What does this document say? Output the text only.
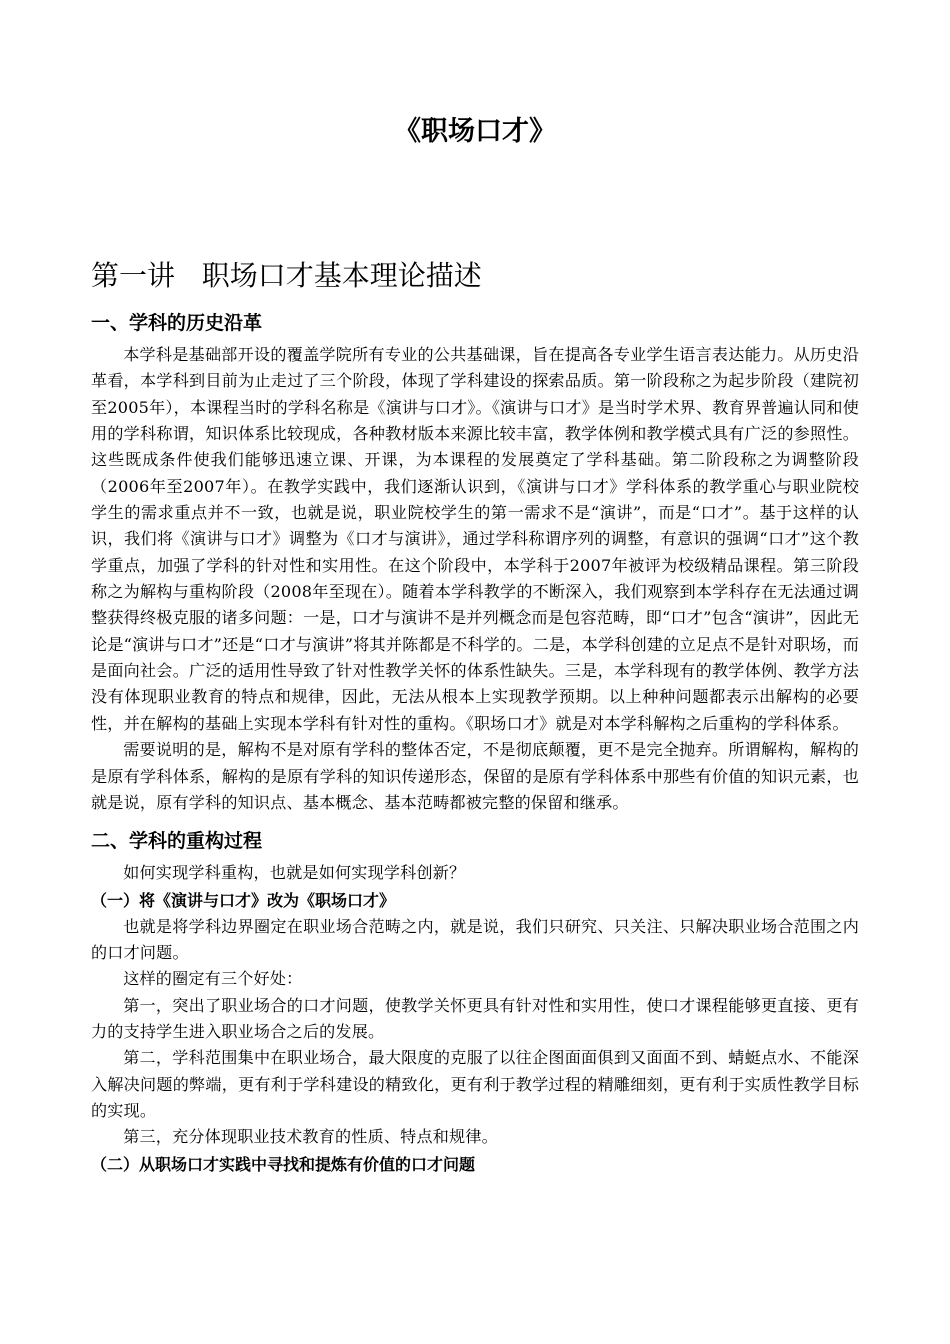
《职场口才》
第一讲   职场口才基本理论描述
一、学科的历史沿革

本学科是基础部开设的覆盖学院所有专业的公共基础课，旨在提高各专业学生语言表达能力。从历史沿革看，本学科到目前为止走过了三个阶段，体现了学科建设的探索品质。第一阶段称之为起步阶段（建院初至2005年），本课程当时的学科名称是《演讲与口才》。《演讲与口才》是当时学术界、教育界普遍认同和使用的学科称谓，知识体系比较现成，各种教材版本来源比较丰富，教学体例和教学模式具有广泛的参照性。这些既成条件使我们能够迅速立课、开课，为本课程的发展奠定了学科基础。第二阶段称之为调整阶段（2006年至2007年）。在教学实践中，我们逐渐认识到，《演讲与口才》学科体系的教学重心与职业院校学生的需求重点并不一致，也就是说，职业院校学生的第一需求不是“演讲”，而是“口才”。基于这样的认识，我们将《演讲与口才》调整为《口才与演讲》，通过学科称谓序列的调整，有意识的强调“口才”这个教学重点，加强了学科的针对性和实用性。在这个阶段中，本学科于2007年被评为校级精品课程。第三阶段称之为解构与重构阶段（2008年至现在）。随着本学科教学的不断深入，我们观察到本学科存在无法通过调整获得终极克服的诸多问题：一是，口才与演讲不是并列概念而是包容范畴，即“口才”包含“演讲”，因此无论是“演讲与口才”还是“口才与演讲”将其并陈都是不科学的。二是，本学科创建的立足点不是针对职场，而是面向社会。广泛的适用性导致了针对性教学关怀的体系性缺失。三是，本学科现有的教学体例、教学方法没有体现职业教育的特点和规律，因此，无法从根本上实现教学预期。以上种种问题都表示出解构的必要性，并在解构的基础上实现本学科有针对性的重构。《职场口才》就是对本学科解构之后重构的学科体系。

需要说明的是，解构不是对原有学科的整体否定，不是彻底颠覆，更不是完全抛弃。所谓解构，解构的是原有学科体系，解构的是原有学科的知识传递形态，保留的是原有学科体系中那些有价值的知识元素，也就是说，原有学科的知识点、基本概念、基本范畴都被完整的保留和继承。

二、学科的重构过程

如何实现学科重构，也就是如何实现学科创新？

（一）将《演讲与口才》改为《职场口才》

也就是将学科边界圈定在职业场合范畴之内，就是说，我们只研究、只关注、只解决职业场合范围之内的口才问题。

这样的圈定有三个好处：

第一，突出了职业场合的口才问题，使教学关怀更具有针对性和实用性，使口才课程能够更直接、更有力的支持学生进入职业场合之后的发展。

第二，学科范围集中在职业场合，最大限度的克服了以往企图面面俱到又面面不到、蜻蜓点水、不能深入解决问题的弊端，更有利于学科建设的精致化，更有利于教学过程的精雕细刻，更有利于实质性教学目标的实现。

第三，充分体现职业技术教育的性质、特点和规律。

（二）从职场口才实践中寻找和提炼有价值的口才问题
